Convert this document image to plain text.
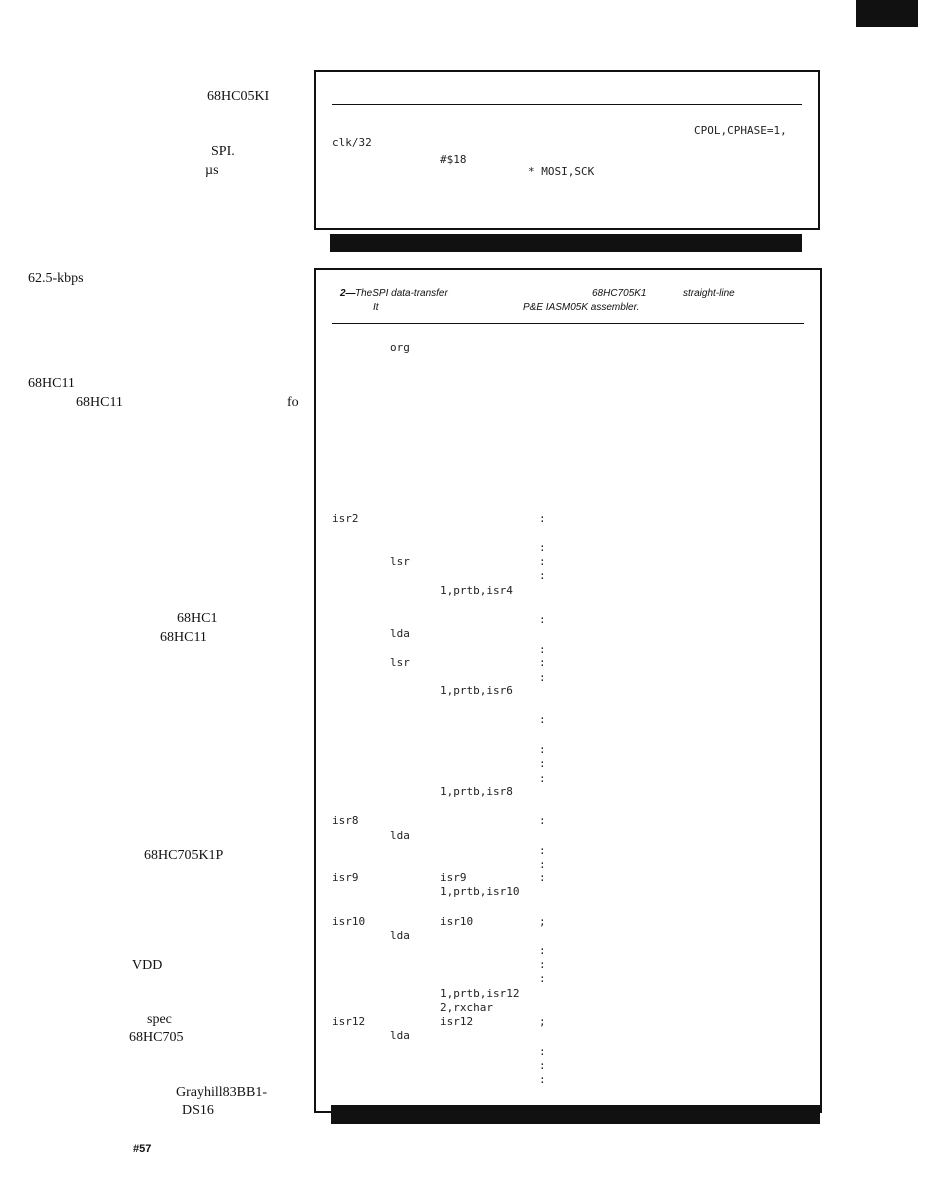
68HC05KI
SPI.
µs
62.5-kbps
68HC11
68HC11	fo
68HC1
68HC11
68HC705K1P
VDD
spec
68HC705
Grayhill83BB1-
DS16
CPOL,CPHASE=1,
clk/32
#$18
* MOSI,SCK
2— TheSPI data-transfer	68HC705K1	straight-line
It	P&E IASM05K assembler.
org
isr2	:
:
lsr	:
:
1,prtb,isr4
:
lda
:
lsr	:
:
1,prtb,isr6
:
:
:
:
1,prtb,isr8
isr8	:
lda
:
:
isr9	isr9	:
1,prtb,isr10
isr10	isr10	;
lda
:
:
:
1,prtb,isr12
2,rxchar
isr12	isr12	;
lda
:
:
:
#57
